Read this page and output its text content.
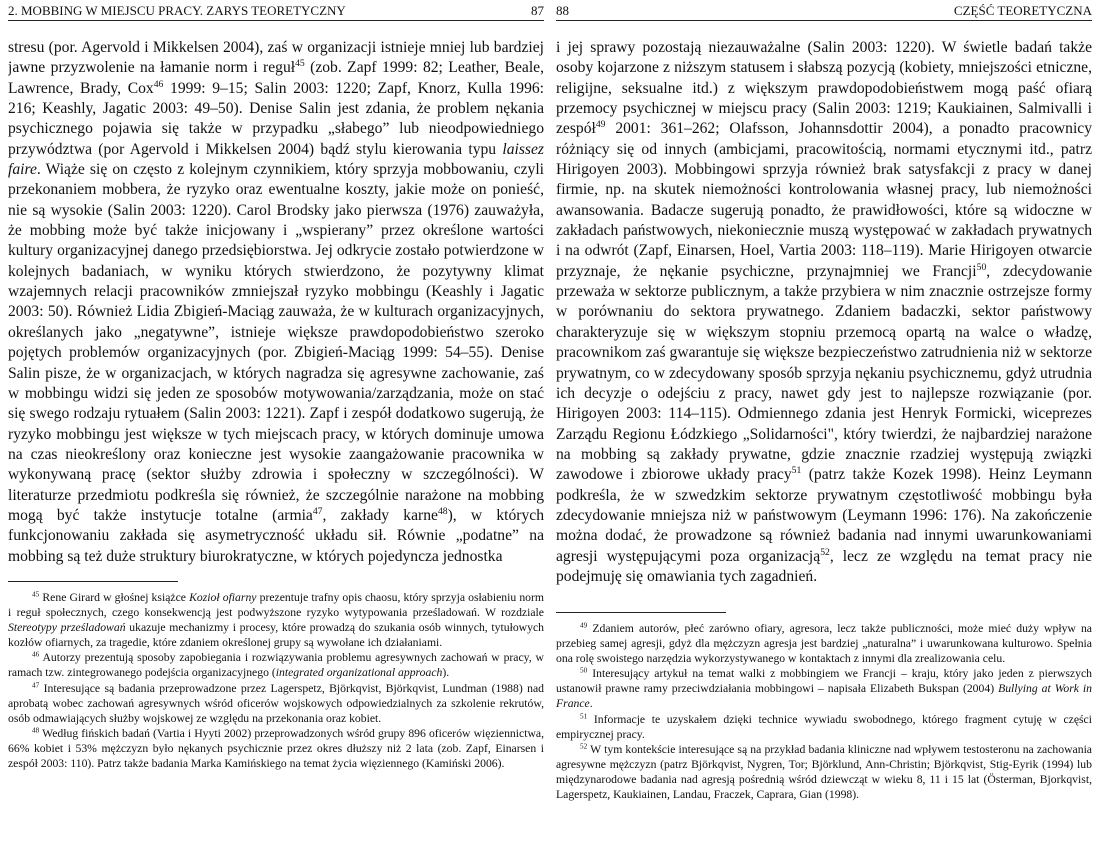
2. MOBBING W MIEJSCU PRACY. ZARYS TEORETYCZNY	87

stresu (por. Agervold i Mikkelsen 2004), zaś w organizacji istnieje mniej lub bardziej jawne przyzwolenie na łamanie norm i reguł$^{45}$ (zob. Zapf 1999: 82; Leather, Beale, Lawrence, Brady, Cox$^{46}$ 1999: 9–15; Salin 2003: 1220; Zapf, Knorz, Kulla 1996: 216; Keashly, Jagatic 2003: 49–50). Denise Salin jest zdania, że problem nękania psychicznego pojawia się także w przypadku „słabego” lub nieodpowiedniego przywództwa (por Agervold i Mikkelsen 2004) bądź stylu kierowania typu laissez faire. Wiąże się on często z kolejnym czynnikiem, który sprzyja mobbowaniu, czyli przekonaniem mobbera, że ryzyko oraz ewentualne koszty, jakie może on ponieść, nie są wysokie (Salin 2003: 1220). Carol Brodsky jako pierwsza (1976) zauważyła, że mobbing może być także inicjowany i „wspierany” przez określone wartości kultury organizacyjnej danego przedsiębiorstwa. Jej odkrycie zostało potwierdzone w kolejnych badaniach, w wyniku których stwierdzono, że pozytywny klimat wzajemnych relacji pracowników zmniejszał ryzyko mobbingu (Keashly i Jagatic 2003: 50). Również Lidia Zbigień-Maciąg zauważa, że w kulturach organizacyjnych, określanych jako „negatywne”, istnieje większe prawdopodobieństwo szeroko pojętych problemów organizacyjnych (por. Zbigień-Maciąg 1999: 54–55). Denise Salin pisze, że w organizacjach, w których nagradza się agresywne zachowanie, zaś w mobbingu widzi się jeden ze sposobów motywowania/zarządzania, może on stać się swego rodzaju rytuałem (Salin 2003: 1221). Zapf i zespół dodatkowo sugerują, że ryzyko mobbingu jest większe w tych miejscach pracy, w których dominuje umowa na czas nieokreślony oraz konieczne jest wysokie zaangażowanie pracownika w wykonywaną pracę (sektor służby zdrowia i społeczny w szczególności). W literaturze przedmiotu podkreśla się również, że szczególnie narażone na mobbing mogą być także instytucje totalne (armia$^{47}$, zakłady karne$^{48}$), w których funkcjonowaniu zakłada się asymetryczność układu sił. Równie „podatne” na mobbing są też duże struktury biurokratyczne, w których pojedyncza jednostka

$^{45}$ Rene Girard w głośnej książce Kozioł ofiarny prezentuje trafny opis chaosu, który sprzyja osłabieniu norm i reguł społecznych, czego konsekwencją jest podwyższone ryzyko wytypowania prześladowań. W rozdziale Stereotypy prześladowań ukazuje mechanizmy i procesy, które prowadzą do szukania osób winnych, tytułowych kozłów ofiarnych, za tragedie, które zdaniem określonej grupy są wywołane ich działaniami.

$^{46}$ Autorzy prezentują sposoby zapobiegania i rozwiązywania problemu agresywnych zachowań w pracy, w ramach tzw. zintegrowanego podejścia organizacyjnego (integrated organizational approach).

$^{47}$ Interesujące są badania przeprowadzone przez Lagerspetz, Björkqvist, Björkqvist, Lundman (1988) nad aprobatą wobec zachowań agresywnych wśród oficerów wojskowych odpowiedzialnych za szkolenie rekrutów, osób odmawiających służby wojskowej ze względu na przekonania oraz kobiet.

$^{48}$ Według fińskich badań (Vartia i Hyyti 2002) przeprowadzonych wśród grupy 896 oficerów więziennictwa, 66% kobiet i 53% mężczyzn było nękanych psychicznie przez okres dłuższy niż 2 lata (zob. Zapf, Einarsen i zespół 2003: 110). Patrz także badania Marka Kamińskiego na temat życia więziennego (Kamiński 2006).

88	CZĘŚĆ TEORETYCZNA

i jej sprawy pozostają niezauważalne (Salin 2003: 1220). W świetle badań także osoby kojarzone z niższym statusem i słabszą pozycją (kobiety, mniejszości etniczne, religijne, seksualne itd.) z większym prawdopodobieństwem mogą paść ofiarą przemocy psychicznej w miejscu pracy (Salin 2003: 1219; Kaukiainen, Salmivalli i zespół$^{49}$ 2001: 361–262; Olafsson, Johannsdottir 2004), a ponadto pracownicy różniący się od innych (ambicjami, pracowitością, normami etycznymi itd., patrz Hirigoyen 2003). Mobbingowi sprzyja również brak satysfakcji z pracy w danej firmie, np. na skutek niemożności kontrolowania własnej pracy, lub niemożności awansowania. Badacze sugerują ponadto, że prawidłowości, które są widoczne w zakładach państwowych, niekoniecznie muszą występować w zakładach prywatnych i na odwrót (Zapf, Einarsen, Hoel, Vartia 2003: 118–119). Marie Hirigoyen otwarcie przyznaje, że nękanie psychiczne, przynajmniej we Francji$^{50}$, zdecydowanie przeważa w sektorze publicznym, a także przybiera w nim znacznie ostrzejsze formy w porównaniu do sektora prywatnego. Zdaniem badaczki, sektor państwowy charakteryzuje się w większym stopniu przemocą opartą na walce o władzę, pracownikom zaś gwarantuje się większe bezpieczeństwo zatrudnienia niż w sektorze prywatnym, co w zdecydowany sposób sprzyja nękaniu psychicznemu, gdyż utrudnia ich decyzje o odejściu z pracy, nawet gdy jest to najlepsze rozwiązanie (por. Hirigoyen 2003: 114–115). Odmiennego zdania jest Henryk Formicki, wiceprezes Zarządu Regionu Łódzkiego „Solidarności", który twierdzi, że najbardziej narażone na mobbing są zakłady prywatne, gdzie znacznie rzadziej występują związki zawodowe i zbiorowe układy pracy$^{51}$ (patrz także Kozek 1998). Heinz Leymann podkreśla, że w szwedzkim sektorze prywatnym częstotliwość mobbingu była zdecydowanie mniejsza niż w państwowym (Leymann 1996: 176). Na zakończenie można dodać, że prowadzone są również badania nad innymi uwarunkowaniami agresji występującymi poza organizacją$^{52}$, lecz ze względu na temat pracy nie podejmuję się omawiania tych zagadnień.

$^{49}$ Zdaniem autorów, płeć zarówno ofiary, agresora, lecz także publiczności, może mieć duży wpływ na przebieg samej agresji, gdyż dla mężczyzn agresja jest bardziej „naturalna” i uwarunkowana kulturowo. Spełnia ona rolę swoistego narzędzia wykorzystywanego w kontaktach z innymi dla zrealizowania celu.

$^{50}$ Interesujący artykuł na temat walki z mobbingiem we Francji – kraju, który jako jeden z pierwszych ustanowił prawne ramy przeciwdziałania mobbingowi – napisała Elizabeth Bukspan (2004) Bullying at Work in France.

$^{51}$ Informacje te uzyskałem dzięki technice wywiadu swobodnego, którego fragment cytuję w części empirycznej pracy.

$^{52}$ W tym kontekście interesujące są na przykład badania kliniczne nad wpływem testosteronu na zachowania agresywne mężczyzn (patrz Björkqvist, Nygren, Tor; Björklund, Ann-Christin; Björkqvist, Stig-Eyrik (1994) lub międzynarodowe badania nad agresją pośrednią wśród dziewcząt w wieku 8, 11 i 15 lat (Österman, Bjorkqvist, Lagerspetz, Kaukiainen, Landau, Fraczek, Caprara, Gian (1998).
